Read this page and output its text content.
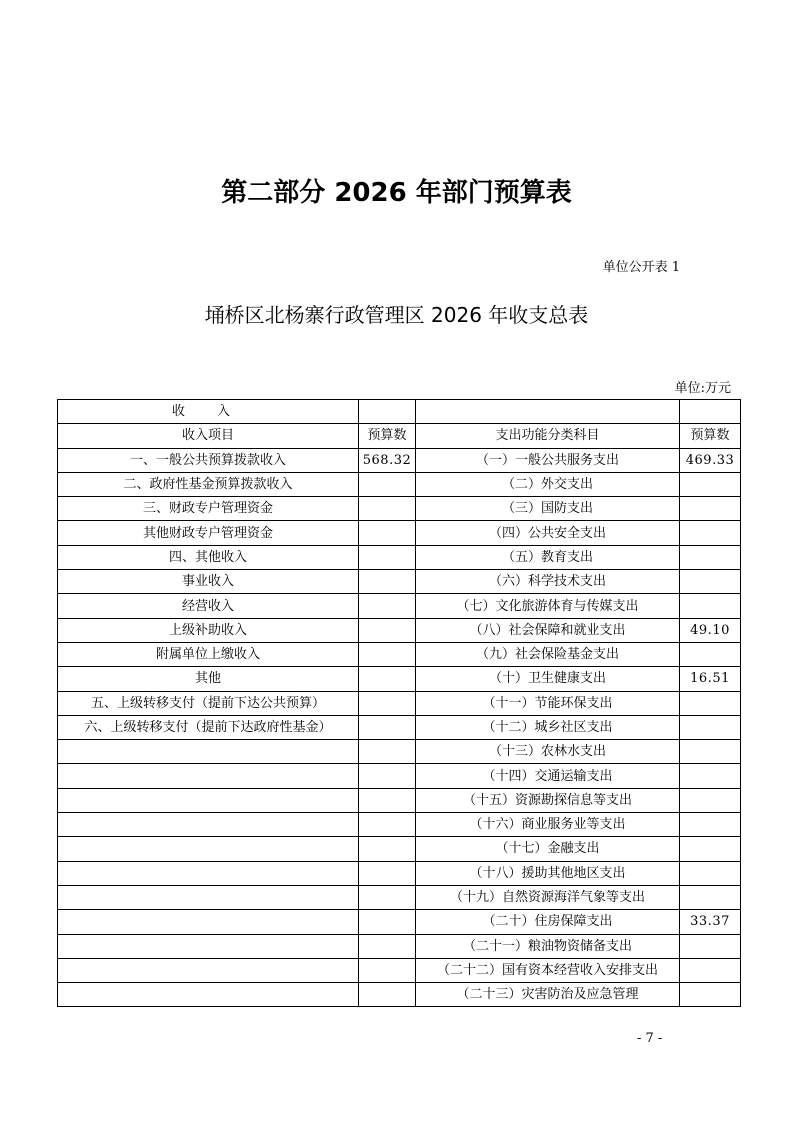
第二部分 2026 年部门预算表
单位公开表 1
埇桥区北杨寨行政管理区 2026 年收支总表
单位:万元
收 入			
收入项目	预算数	支出功能分类科目	预算数
一、一般公共预算拨款收入	568.32	（一）一般公共服务支出	469.33
二、政府性基金预算拨款收入		（二）外交支出	
三、财政专户管理资金		（三）国防支出	
其他财政专户管理资金		（四）公共安全支出	
四、其他收入		（五）教育支出	
事业收入		（六）科学技术支出	
经营收入		（七）文化旅游体育与传媒支出	
上级补助收入		（八）社会保障和就业支出	49.10
附属单位上缴收入		（九）社会保险基金支出	
其他		（十）卫生健康支出	16.51
五、上级转移支付（提前下达公共预算）		（十一）节能环保支出	
六、上级转移支付（提前下达政府性基金）		（十二）城乡社区支出	
		（十三）农林水支出	
		（十四）交通运输支出	
		（十五）资源勘探信息等支出	
		（十六）商业服务业等支出	
		（十七）金融支出	
		（十八）援助其他地区支出	
		（十九）自然资源海洋气象等支出	
		（二十）住房保障支出	33.37
		（二十一）粮油物资储备支出	
		（二十二）国有资本经营收入安排支出	
		（二十三）灾害防治及应急管理	
- 7 -
